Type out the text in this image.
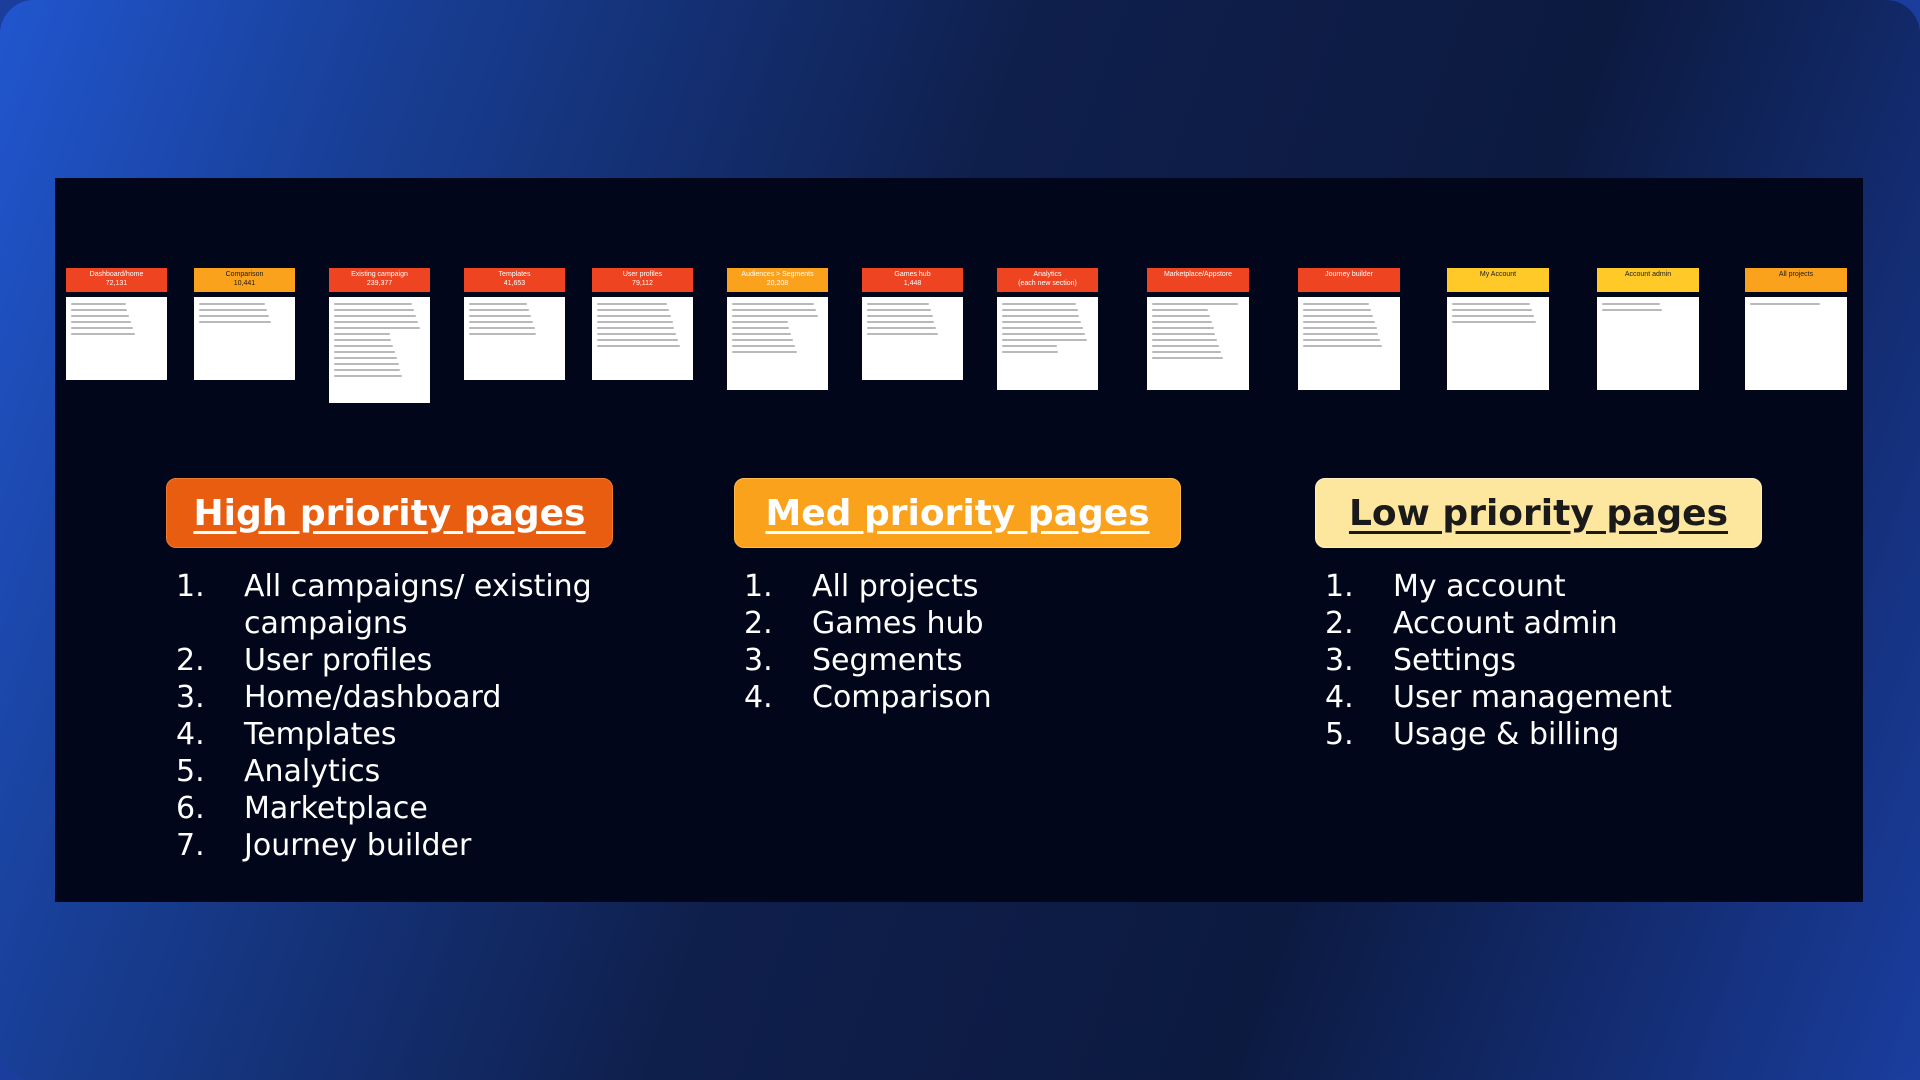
Dashboard/home
72,131
Comparison
10,441
Existing campaign
239,377
Templates
41,653
User profiles
79,112
Audiences > Segments
20,208
Games hub
1,448
Analytics
(each new section)
Marketplace/Appstore	Journey builder	My Account	Account admin	All projects
High priority pages	Med priority pages	Low priority pages
1. All campaigns/ existing campaigns
2. User profiles
3. Home/dashboard
4. Templates
5. Analytics
6. Marketplace
7. Journey builder
1. All projects
2. Games hub
3. Segments
4. Comparison
1. My account
2. Account admin
3. Settings
4. User management
5. Usage & billing
